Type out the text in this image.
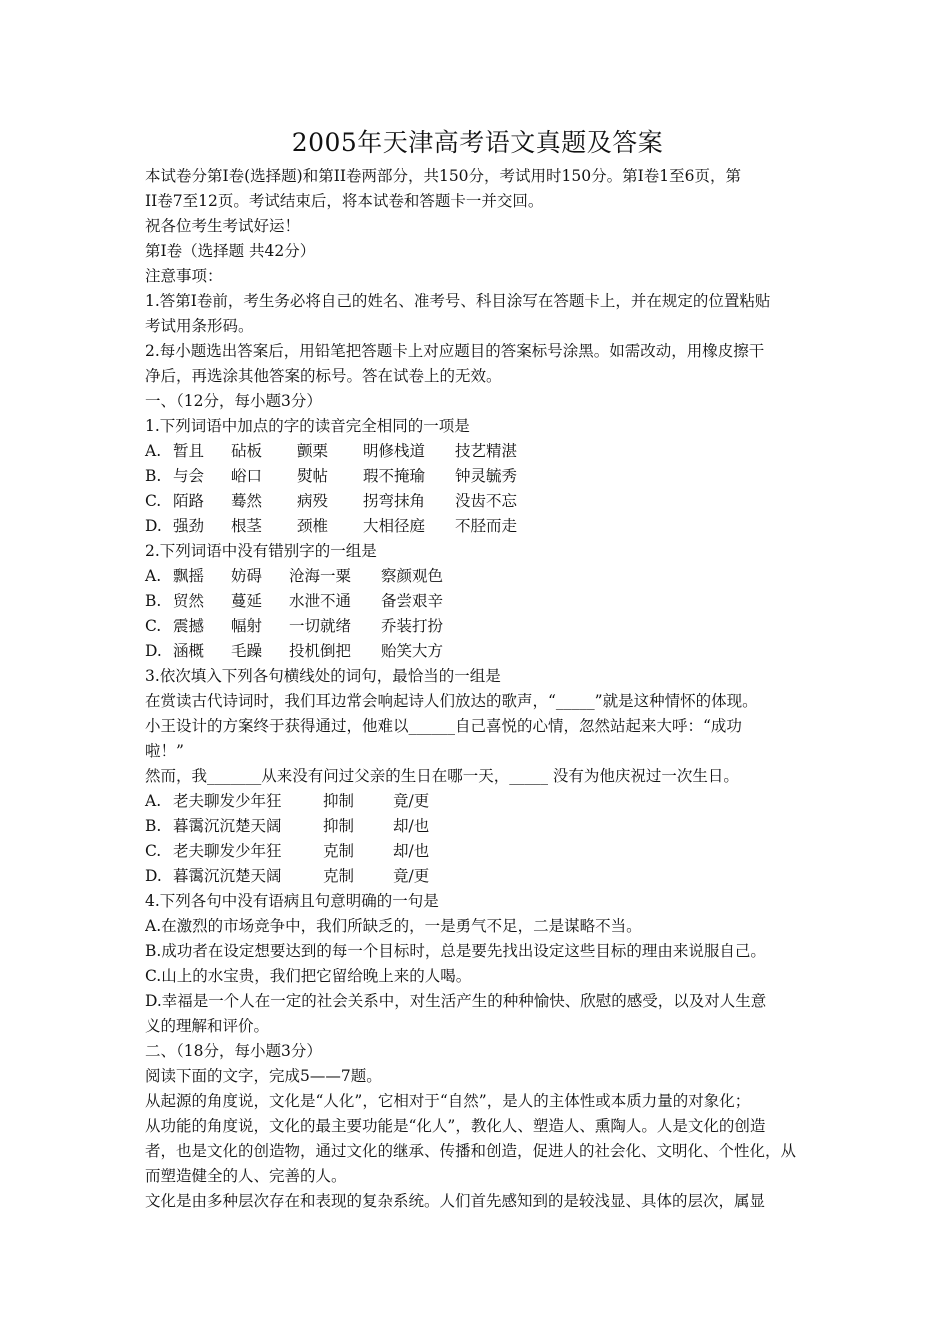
2005年天津高考语文真题及答案

本试卷分第I卷(选择题)和第II卷两部分，共150分，考试用时150分。第I卷1至6页，第

II卷7至12页。考试结束后，将本试卷和答题卡一并交回。

祝各位考生考试好运！

第I卷（选择题 共42分）

注意事项：

1.答第I卷前，考生务必将自己的姓名、准考号、科目涂写在答题卡上，并在规定的位置粘贴

考试用条形码。

2.每小题选出答案后，用铅笔把答题卡上对应题目的答案标号涂黑。如需改动，用橡皮擦干

净后，再选涂其他答案的标号。答在试卷上的无效。

一、（12分，每小题3分）

1.下列词语中加点的字的读音完全相同的一项是

A. 暂且	砧板	颤栗	明修栈道	技艺精湛
B. 与会	峪口	熨帖	瑕不掩瑜	钟灵毓秀
C. 陌路	蓦然	病殁	拐弯抹角	没齿不忘
D. 强劲	根茎	颈椎	大相径庭	不胫而走

2.下列词语中没有错别字的一组是

A. 飘摇	妨碍	沧海一粟	察颜观色
B. 贸然	蔓延	水泄不通	备尝艰辛
C. 震撼	幅射	一切就绪	乔装打扮
D. 涵概	毛躁	投机倒把	贻笑大方

3.依次填入下列各句横线处的词句，最恰当的一组是

在赏读古代诗词时，我们耳边常会响起诗人们放达的歌声，“_____”就是这种情怀的体现。

小王设计的方案终于获得通过，他难以______自己喜悦的心情，忽然站起来大呼：“成功

啦！”

然而，我_______从来没有问过父亲的生日在哪一天，_____ 没有为他庆祝过一次生日。

A. 老夫聊发少年狂	抑制	竟/更
B. 暮霭沉沉楚天阔	抑制	却/也
C. 老夫聊发少年狂	克制	却/也
D. 暮霭沉沉楚天阔	克制	竟/更

4.下列各句中没有语病且句意明确的一句是

A.在激烈的市场竞争中，我们所缺乏的，一是勇气不足，二是谋略不当。

B.成功者在设定想要达到的每一个目标时，总是要先找出设定这些目标的理由来说服自己。

C.山上的水宝贵，我们把它留给晚上来的人喝。

D.幸福是一个人在一定的社会关系中，对生活产生的种种愉快、欣慰的感受，以及对人生意

义的理解和评价。

二、（18分，每小题3分）

阅读下面的文字，完成5——7题。

从起源的角度说，文化是“人化”，它相对于“自然”，是人的主体性或本质力量的对象化；

从功能的角度说，文化的最主要功能是“化人”，教化人、塑造人、熏陶人。人是文化的创造

者，也是文化的创造物，通过文化的继承、传播和创造，促进人的社会化、文明化、个性化，从

而塑造健全的人、完善的人。

文化是由多种层次存在和表现的复杂系统。人们首先感知到的是较浅显、具体的层次，属显
